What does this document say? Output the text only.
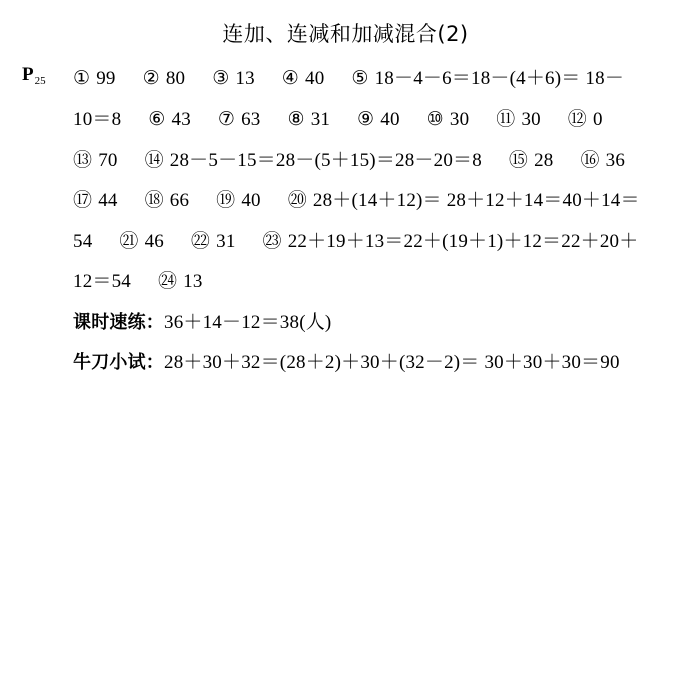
连加、连减和加减混合(2)
$P_{25}$ ① 99 ② 80 ③ 13 ④ 40 ⑤ 18－4－6＝18－(4＋6)＝ 18－
10＝8 ⑥ 43 ⑦ 63 ⑧ 31 ⑨ 40 ⑩ 30 ⑪ 30 ⑫ 0
⑬ 70 ⑭ 28－5－15＝28－(5＋15)＝28－20＝8 ⑮ 28 ⑯ 36
⑰ 44 ⑱ 66 ⑲ 40 ⑳ 28＋(14＋12)＝ 28＋12＋14＝40＋14＝
54 ㉑ 46 ㉒ 31 ㉓ 22＋19＋13＝22＋(19＋1)＋12＝22＋20＋
12＝54 ㉔ 13
课时速练：36＋14－12＝38(人)
牛刀小试：28＋30＋32＝(28＋2)＋30＋(32－2)＝ 30＋30＋30＝90
